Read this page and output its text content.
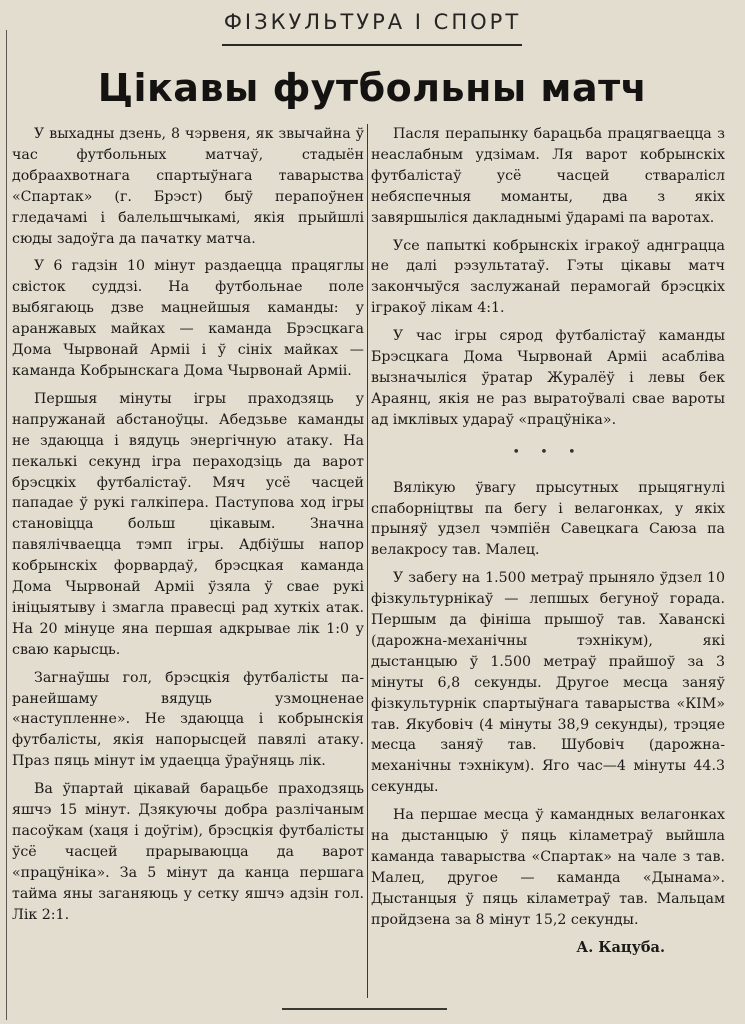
ФІЗКУЛЬТУРА І СПОРТ
Цікавы футбольны матч

У выхадны дзень, 8 чэрвеня, як звычайна ў час футбольных матчаў, стадыён добраахвотнага спартыўнага таварыства «Спартак» (г. Брэст) быў перапоўнен гледачамі і балельшчыкамі, якія прыйшлі сюды задоўга да пачатку матча.

У 6 гадзін 10 мінут раздаецца працяглы свісток суддзі. На футбольнае поле выбягаюць дзве мацнейшыя каманды: у аранжавых майках — каманда Брэсцкага Дома Чырвонай Арміі і ў сініх майках — каманда Кобрынскага Дома Чырвонай Арміі.

Першыя мінуты ігры праходзяць у напружанай абстаноўцы. Абедзьве каманды не здаюцца і вядуць энергічную атаку. На пекалькі секунд ігра пераходзіць да варот брэсцкіх футбалістаў. Мяч усё часцей пападае ў рукі галкіпера. Паступова ход ігры становіцца больш цікавым. Значна павялічваецца тэмп ігры. Адбіўшы напор кобрынскіх форвардаў, брэсцкая каманда Дома Чырвонай Арміі ўзяла ў свае рукі ініцыятыву і змагла правесці рад хуткіх атак. На 20 мінуце яна першая адкрывае лік 1:0 у сваю карысць.

Загнаўшы гол, брэсцкія футбалісты па-ранейшаму вядуць узмоцненае «наступленне». Не здаюцца і кобрынскія футбалісты, якія напорысцей павялі атаку. Праз пяць мінут ім удаецца ўраўняць лік.

Ва ўпартай цікавай барацьбе праходзяць яшчэ 15 мінут. Дзякуючы добра разлічаным пасоўкам (хаця і доўгім), брэсцкія футбалісты ўсё часцей прарываюцца да варот «працўніка». За 5 мінут да канца першага тайма яны заганяюць у сетку яшчэ адзін гол. Лік 2:1.

Пасля перапынку барацьба працягваецца з неаслабным удзімам. Ля варот кобрынскіх футбалістаў усё часцей стваралісл небяспечныя моманты, два з якіх завяршыліся дакладнымі ўдарамі па варотах.

Усе папыткі кобрынскіх ігракоў аднграцца не далі рэзультатаў. Гэты цікавы матч закончыўся заслужанай перамогай брэсцкіх ігракоў лікам 4:1.

У час ігры сярод футбалістаў каманды Брэсцкага Дома Чырвонай Арміі асабліва вызначыліся ўратар Журалёў і левы бек Араянц, якія не раз выратоўвалі свае вароты ад імклівых удараў «працўніка».

• • •

Вялікую ўвагу прысутных прыцягнулі спаборніцтвы па бегу і велагонках, у якіх прыняў удзел чэмпіён Савецкага Саюза па велакросу тав. Малец.

У забегу на 1.500 метраў прыняло ўдзел 10 фізкультурнікаў — лепшых бегуноў горада. Першым да фініша прышоў тав. Хаванскі (дарожна-механічны тэхнікум), які дыстанцыю ў 1.500 метраў прайшоў за 3 мінуты 6,8 секунды. Другое месца заняў фізкультурнік спартыўнага таварыства «КІМ» тав. Якубовіч (4 мінуты 38,9 секунды), трэцяе месца заняў тав. Шубовіч (дарожна-механічны тэхнікум). Яго час—4 мінуты 44.3 секунды.

На першае месца ў камандных велагонках на дыстанцыю ў пяць кіламетраў выйшла каманда таварыства «Спартак» на чале з тав. Малец, другое — каманда «Дынама». Дыстанцыя ў пяць кіламетраў тав. Мальцам пройдзена за 8 мінут 15,2 секунды.

А. Кацуба.
